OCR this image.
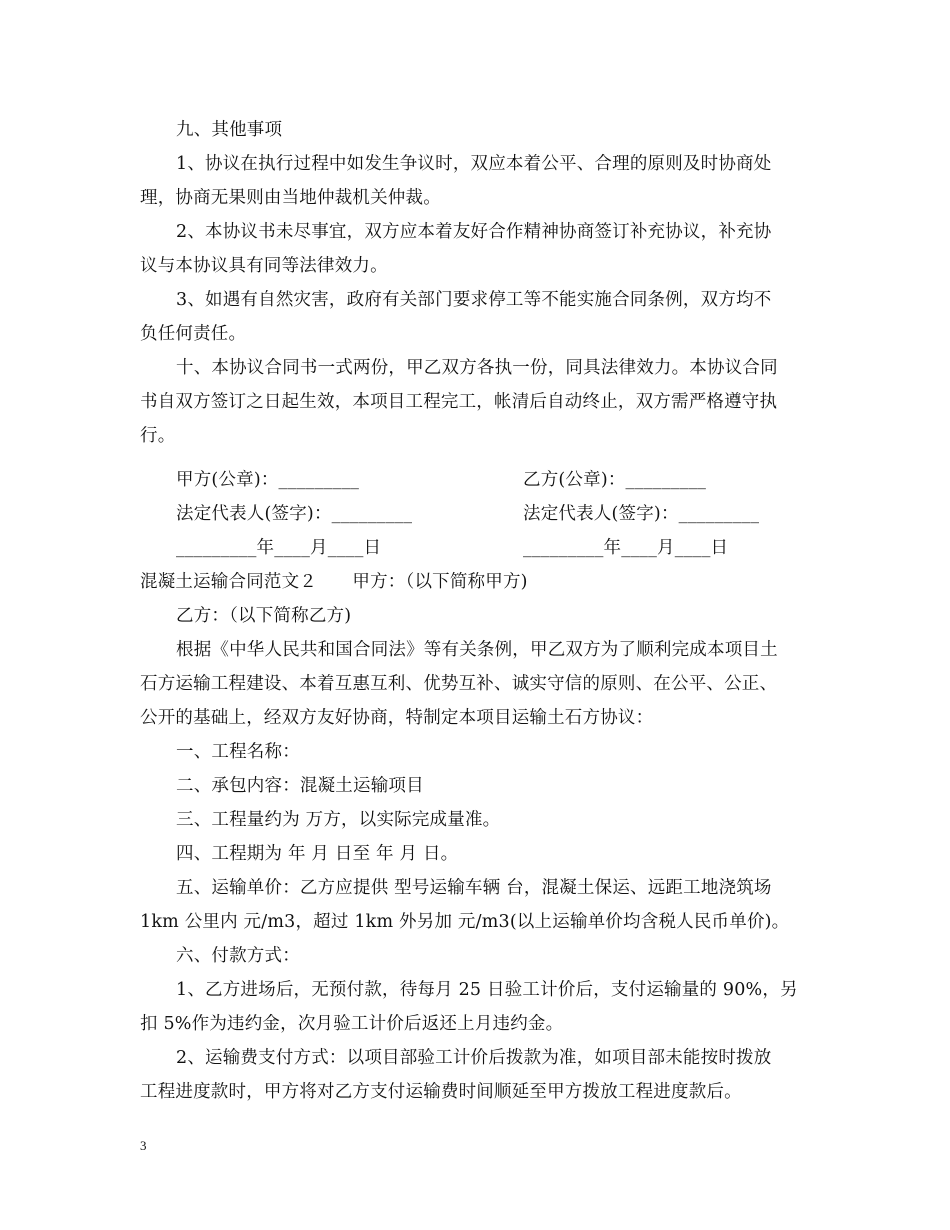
九、其他事项
1、协议在执行过程中如发生争议时，双应本着公平、合理的原则及时协商处
理，协商无果则由当地仲裁机关仲裁。
2、本协议书未尽事宜，双方应本着友好合作精神协商签订补充协议，补充协
议与本协议具有同等法律效力。
3、如遇有自然灾害，政府有关部门要求停工等不能实施合同条例，双方均不
负任何责任。
十、本协议合同书一式两份，甲乙双方各执一份，同具法律效力。本协议合同
书自双方签订之日起生效，本项目工程完工，帐清后自动终止，双方需严格遵守执
行。
甲方(公章)：_________	乙方(公章)：_________
法定代表人(签字)：_________	法定代表人(签字)：_________
_________年____月____日	_________年____月____日
混凝土运输合同范文２　　甲方：（以下简称甲方)
乙方：（以下简称乙方)
根据《中华人民共和国合同法》等有关条例，甲乙双方为了顺利完成本项目土
石方运输工程建设、本着互惠互利、优势互补、诚实守信的原则、在公平、公正、
公开的基础上，经双方友好协商，特制定本项目运输土石方协议：
一、工程名称：
二、承包内容：混凝土运输项目
三、工程量约为 万方，以实际完成量准。
四、工程期为 年 月 日至 年 月 日。
五、运输单价：乙方应提供 型号运输车辆 台，混凝土保运、远距工地浇筑场
1km 公里内 元/m3，超过 1km 外另加 元/m3(以上运输单价均含税人民币单价)。
六、付款方式：
1、乙方进场后，无预付款，待每月 25 日验工计价后，支付运输量的 90%，另
扣 5%作为违约金，次月验工计价后返还上月违约金。
2、运输费支付方式：以项目部验工计价后拨款为准，如项目部未能按时拨放
工程进度款时，甲方将对乙方支付运输费时间顺延至甲方拨放工程进度款后。
3
